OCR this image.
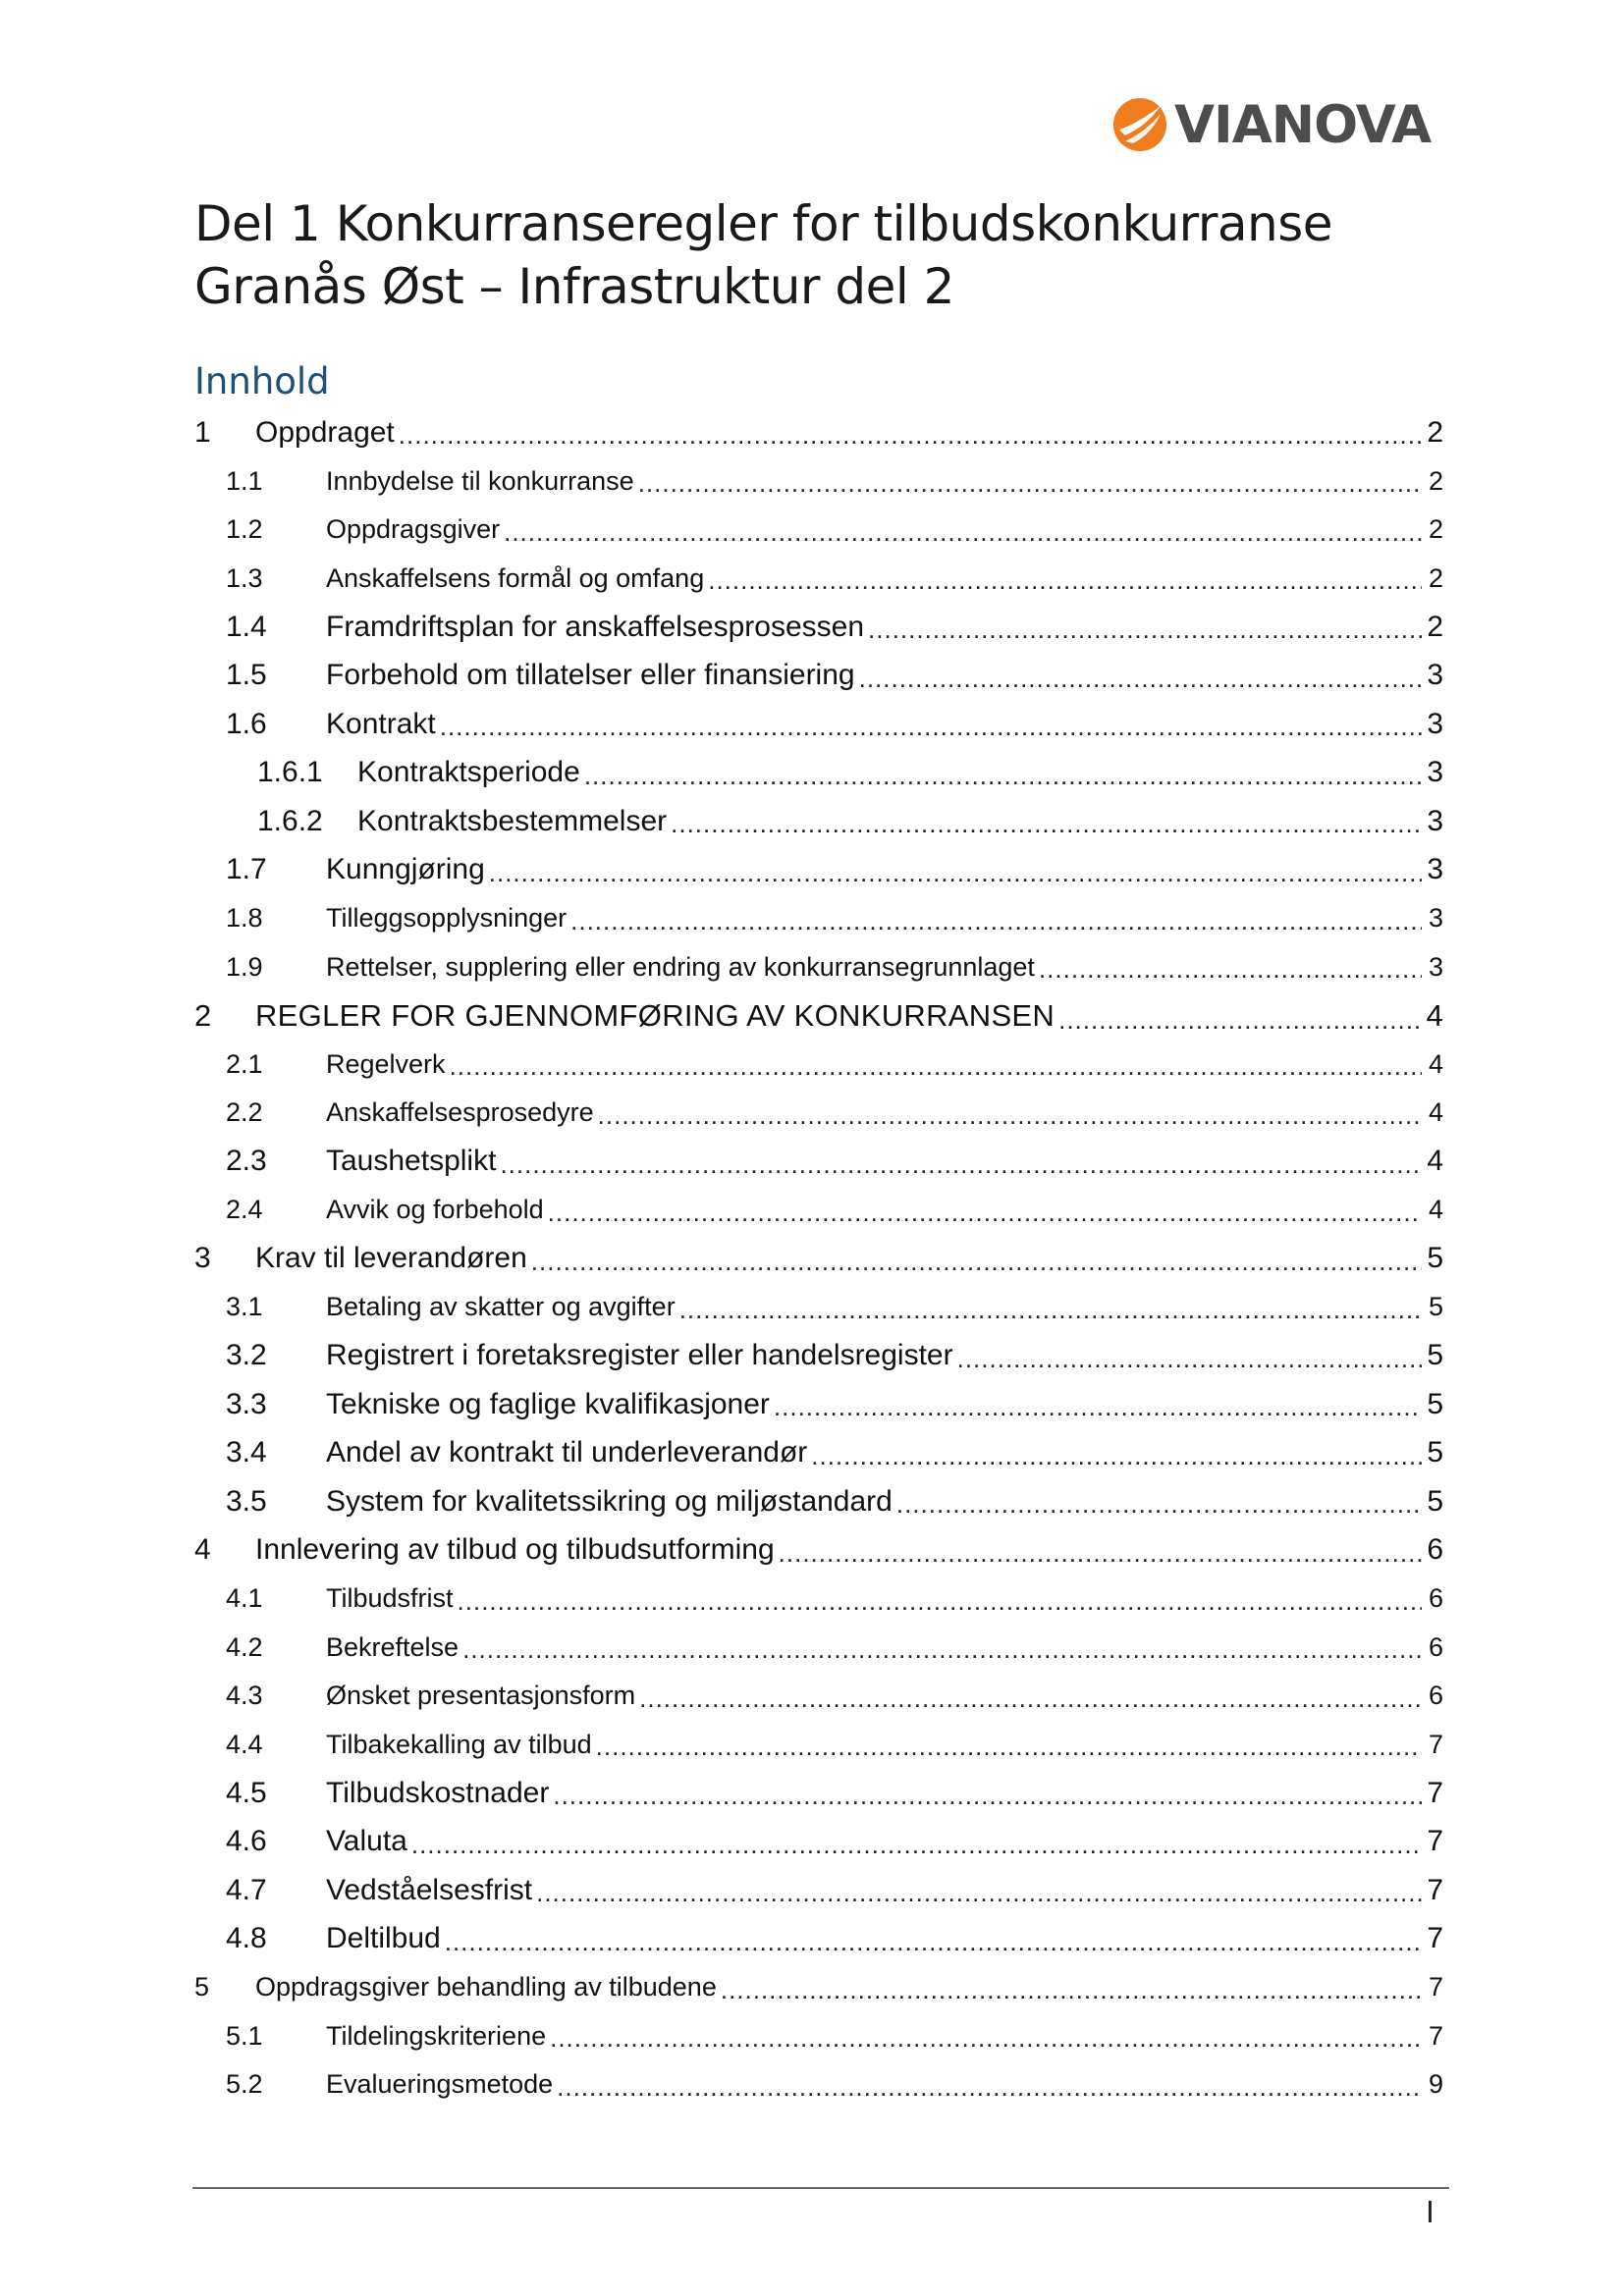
VIANOVA
Del 1 Konkurranseregler for tilbudskonkurranse
Granås Øst – Infrastruktur del 2
Innhold
1	Oppdraget .....	2
1.1	Innbydelse til konkurranse .....	2
1.2	Oppdragsgiver .....	2
1.3	Anskaffelsens formål og omfang .....	2
1.4	Framdriftsplan for anskaffelsesprosessen .....	2
1.5	Forbehold om tillatelser eller finansiering .....	3
1.6	Kontrakt .....	3
1.6.1	Kontraktsperiode .....	3
1.6.2	Kontraktsbestemmelser .....	3
1.7	Kunngjøring .....	3
1.8	Tilleggsopplysninger .....	3
1.9	Rettelser, supplering eller endring av konkurransegrunnlaget .....	3
2	REGLER FOR GJENNOMFØRING AV KONKURRANSEN .....	4
2.1	Regelverk .....	4
2.2	Anskaffelsesprosedyre .....	4
2.3	Taushetsplikt .....	4
2.4	Avvik og forbehold .....	4
3	Krav til leverandøren .....	5
3.1	Betaling av skatter og avgifter .....	5
3.2	Registrert i foretaksregister eller handelsregister .....	5
3.3	Tekniske og faglige kvalifikasjoner .....	5
3.4	Andel av kontrakt til underleverandør .....	5
3.5	System for kvalitetssikring og miljøstandard .....	5
4	Innlevering av tilbud og tilbudsutforming .....	6
4.1	Tilbudsfrist .....	6
4.2	Bekreftelse .....	6
4.3	Ønsket presentasjonsform .....	6
4.4	Tilbakekalling av tilbud .....	7
4.5	Tilbudskostnader .....	7
4.6	Valuta .....	7
4.7	Vedståelsesfrist .....	7
4.8	Deltilbud .....	7
5	Oppdragsgiver behandling av tilbudene .....	7
5.1	Tildelingskriteriene .....	7
5.2	Evalueringsmetode .....	9
I
